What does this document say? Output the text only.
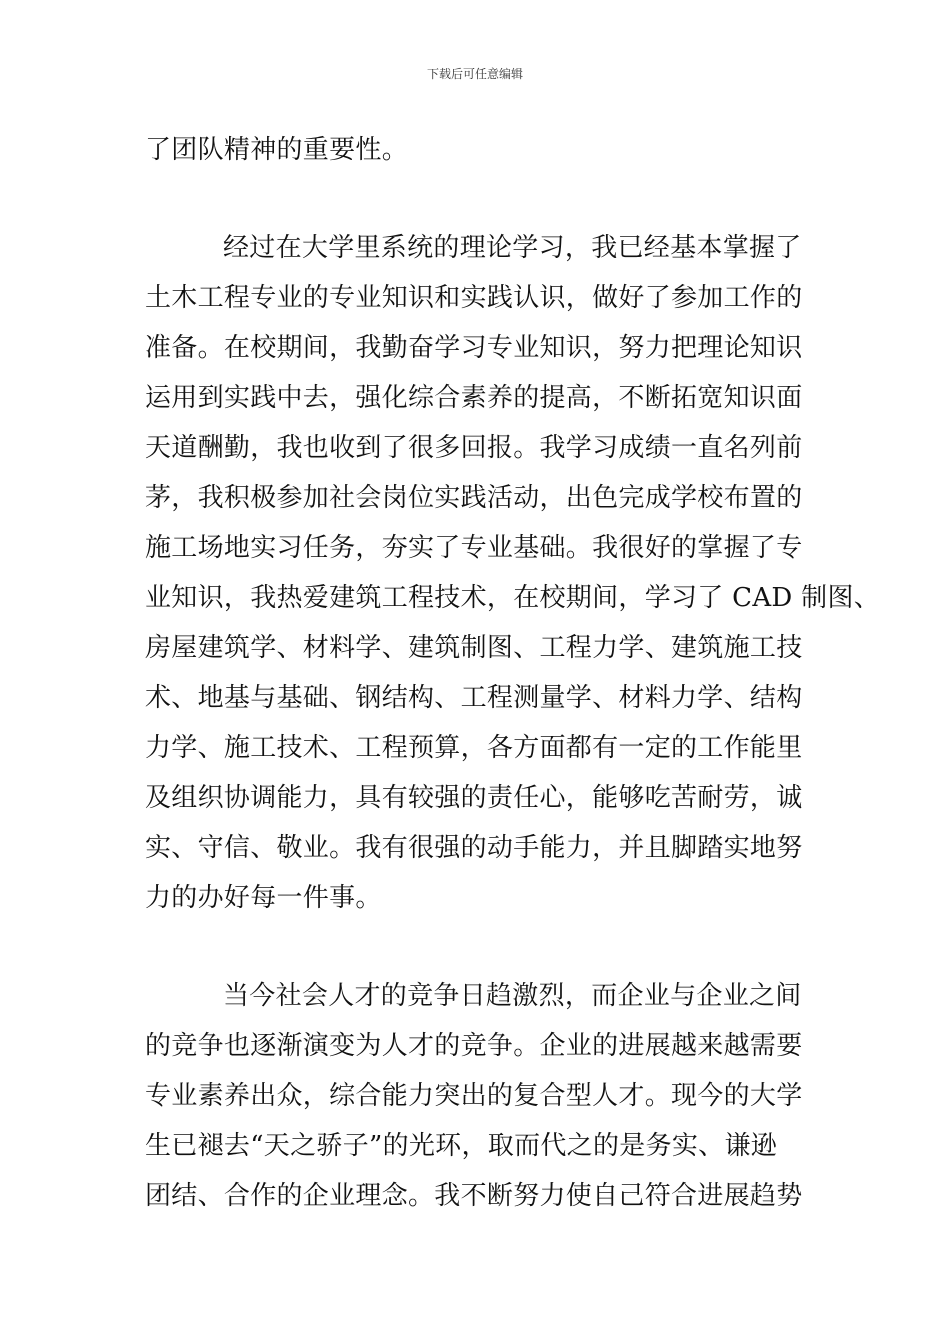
下载后可任意编辑
了团队精神的重要性。
经过在大学里系统的理论学习，我已经基本掌握了
土木工程专业的专业知识和实践认识，做好了参加工作的
准备。在校期间，我勤奋学习专业知识，努力把理论知识
运用到实践中去，强化综合素养的提高，不断拓宽知识面
天道酬勤，我也收到了很多回报。我学习成绩一直名列前
茅，我积极参加社会岗位实践活动，出色完成学校布置的
施工场地实习任务，夯实了专业基础。我很好的掌握了专
业知识，我热爱建筑工程技术，在校期间，学习了 CAD 制图、
房屋建筑学、材料学、建筑制图、工程力学、建筑施工技
术、地基与基础、钢结构、工程测量学、材料力学、结构
力学、施工技术、工程预算，各方面都有一定的工作能里
及组织协调能力，具有较强的责任心，能够吃苦耐劳，诚
实、守信、敬业。我有很强的动手能力，并且脚踏实地努
力的办好每一件事。
当今社会人才的竞争日趋激烈，而企业与企业之间
的竞争也逐渐演变为人才的竞争。企业的进展越来越需要
专业素养出众，综合能力突出的复合型人才。现今的大学
生已褪去“天之骄子”的光环，取而代之的是务实、谦逊
团结、合作的企业理念。我不断努力使自己符合进展趋势
